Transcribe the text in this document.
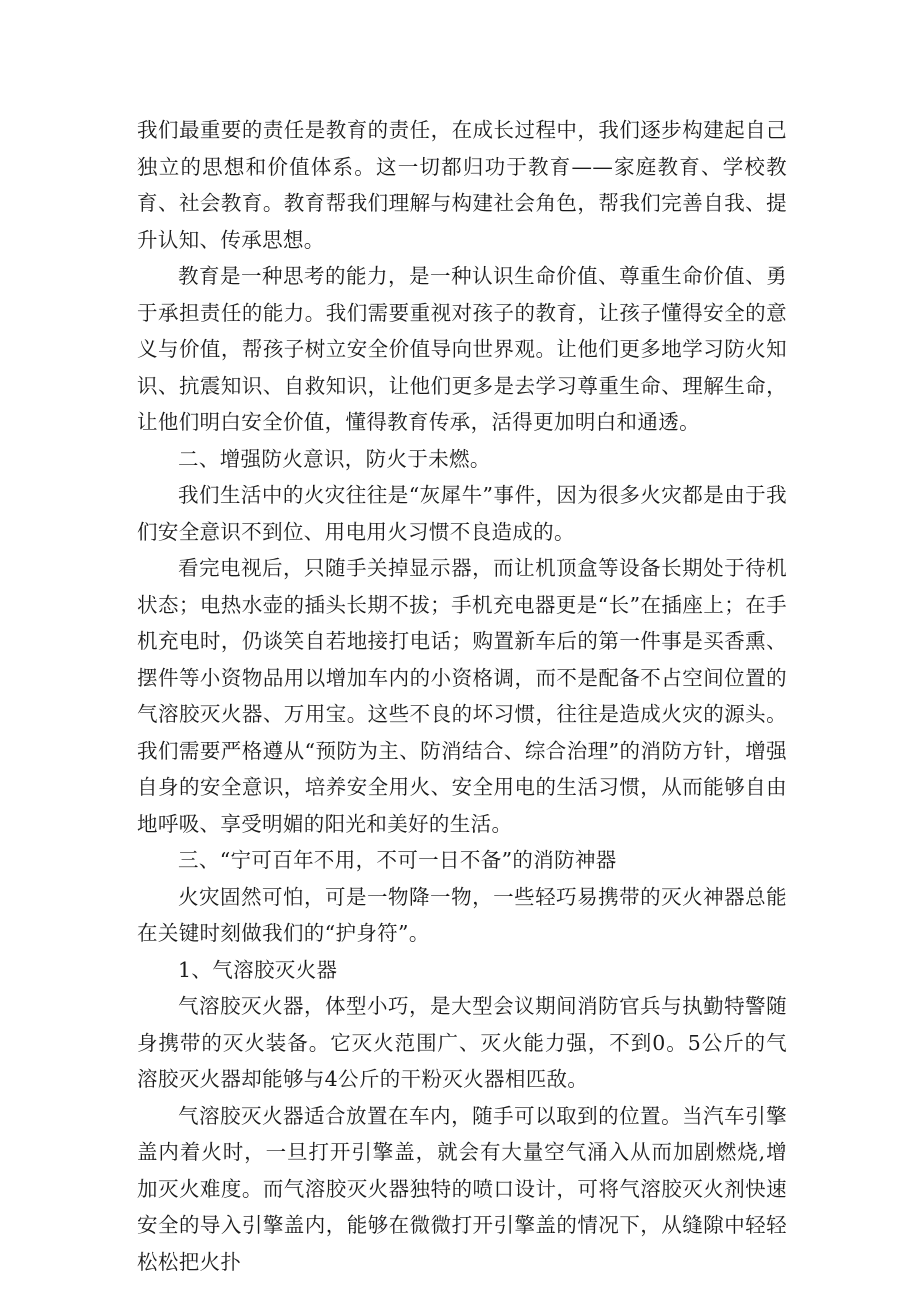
我们最重要的责任是教育的责任，在成长过程中，我们逐步构建起自己独立的思想和价值体系。这一切都归功于教育——家庭教育、学校教育、社会教育。教育帮我们理解与构建社会角色，帮我们完善自我、提升认知、传承思想。

教育是一种思考的能力，是一种认识生命价值、尊重生命价值、勇于承担责任的能力。我们需要重视对孩子的教育，让孩子懂得安全的意义与价值，帮孩子树立安全价值导向世界观。让他们更多地学习防火知识、抗震知识、自救知识，让他们更多是去学习尊重生命、理解生命，让他们明白安全价值，懂得教育传承，活得更加明白和通透。

二、增强防火意识，防火于未燃。

我们生活中的火灾往往是“灰犀牛”事件，因为很多火灾都是由于我们安全意识不到位、用电用火习惯不良造成的。

看完电视后，只随手关掉显示器，而让机顶盒等设备长期处于待机状态；电热水壶的插头长期不拔；手机充电器更是“长”在插座上；在手机充电时，仍谈笑自若地接打电话；购置新车后的第一件事是买香熏、摆件等小资物品用以增加车内的小资格调，而不是配备不占空间位置的气溶胶灭火器、万用宝。这些不良的坏习惯，往往是造成火灾的源头。我们需要严格遵从“预防为主、防消结合、综合治理”的消防方针，增强自身的安全意识，培养安全用火、安全用电的生活习惯，从而能够自由地呼吸、享受明媚的阳光和美好的生活。

三、“宁可百年不用，不可一日不备”的消防神器

火灾固然可怕，可是一物降一物，一些轻巧易携带的灭火神器总能在关键时刻做我们的“护身符”。

1、气溶胶灭火器

气溶胶灭火器，体型小巧，是大型会议期间消防官兵与执勤特警随身携带的灭火装备。它灭火范围广、灭火能力强，不到0。5公斤的气溶胶灭火器却能够与4公斤的干粉灭火器相匹敌。

气溶胶灭火器适合放置在车内，随手可以取到的位置。当汽车引擎盖内着火时，一旦打开引擎盖，就会有大量空气涌入从而加剧燃烧,增加灭火难度。而气溶胶灭火器独特的喷口设计，可将气溶胶灭火剂快速安全的导入引擎盖内，能够在微微打开引擎盖的情况下，从缝隙中轻轻松松把火扑
